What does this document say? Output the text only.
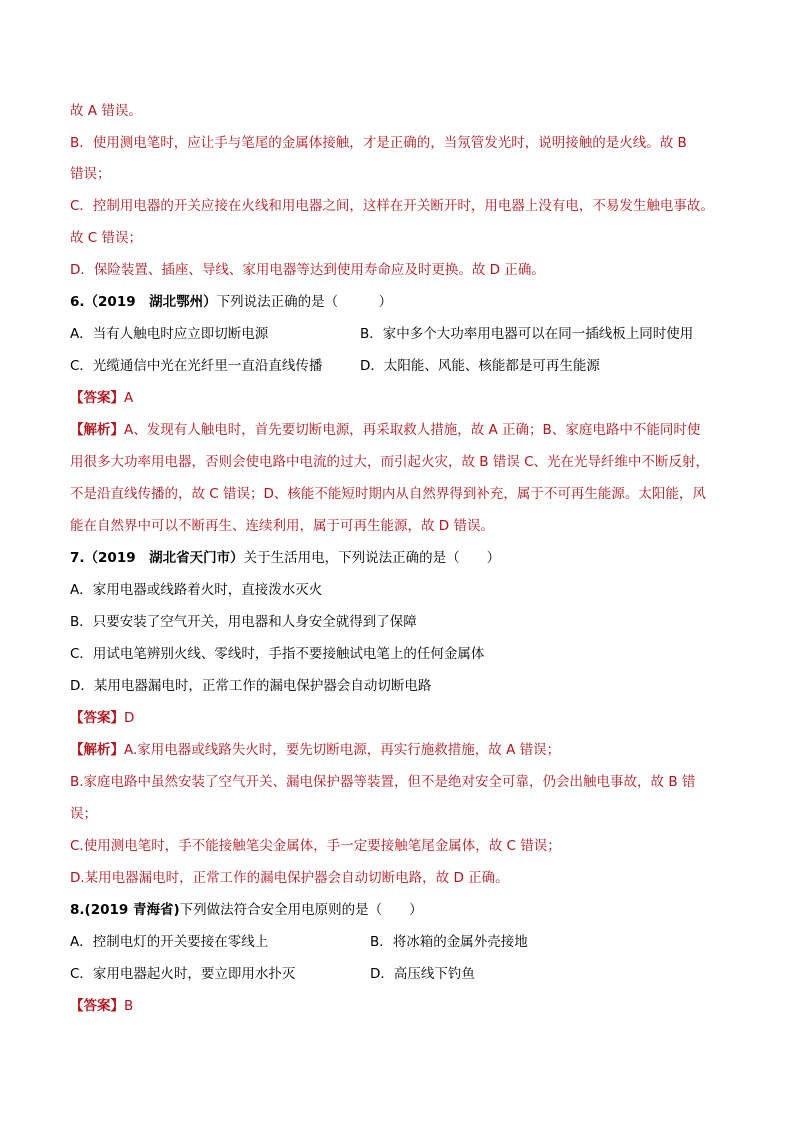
故 A 错误。
B．使用测电笔时，应让手与笔尾的金属体接触，才是正确的，当氖管发光时，说明接触的是火线。故 B
错误；
C．控制用电器的开关应接在火线和用电器之间，这样在开关断开时，用电器上没有电，不易发生触电事故。
故 C 错误；
D．保险装置、插座、导线、家用电器等达到使用寿命应及时更换。故 D 正确。
6.（2019　湖北鄂州）下列说法正确的是（　　　）
A．当有人触电时应立即切断电源	B．家中多个大功率用电器可以在同一插线板上同时使用
C．光缆通信中光在光纤里一直沿直线传播	D．太阳能、风能、核能都是可再生能源
【答案】A
【解析】A、发现有人触电时，首先要切断电源，再采取救人措施，故 A 正确；B、家庭电路中不能同时使
用很多大功率用电器，否则会使电路中电流的过大，而引起火灾，故 B 错误 C、光在光导纤维中不断反射，
不是沿直线传播的，故 C 错误；D、核能不能短时期内从自然界得到补充，属于不可再生能源。太阳能，风
能在自然界中可以不断再生、连续利用，属于可再生能源，故 D 错误。
7.（2019　湖北省天门市）关于生活用电，下列说法正确的是（　　）
A．家用电器或线路着火时，直接泼水灭火
B．只要安装了空气开关，用电器和人身安全就得到了保障
C．用试电笔辨别火线、零线时，手指不要接触试电笔上的任何金属体
D．某用电器漏电时，正常工作的漏电保护器会自动切断电路
【答案】D
【解析】A.家用电器或线路失火时，要先切断电源，再实行施救措施，故 A 错误；
B.家庭电路中虽然安装了空气开关、漏电保护器等装置，但不是绝对安全可靠，仍会出触电事故，故 B 错
误；
C.使用测电笔时，手不能接触笔尖金属体，手一定要接触笔尾金属体，故 C 错误；
D.某用电器漏电时，正常工作的漏电保护器会自动切断电路，故 D 正确。
8.(2019 青海省)下列做法符合安全用电原则的是（　　）
A．控制电灯的开关要接在零线上	B．将冰箱的金属外壳接地
C．家用电器起火时，要立即用水扑灭	D．高压线下钓鱼
【答案】B
